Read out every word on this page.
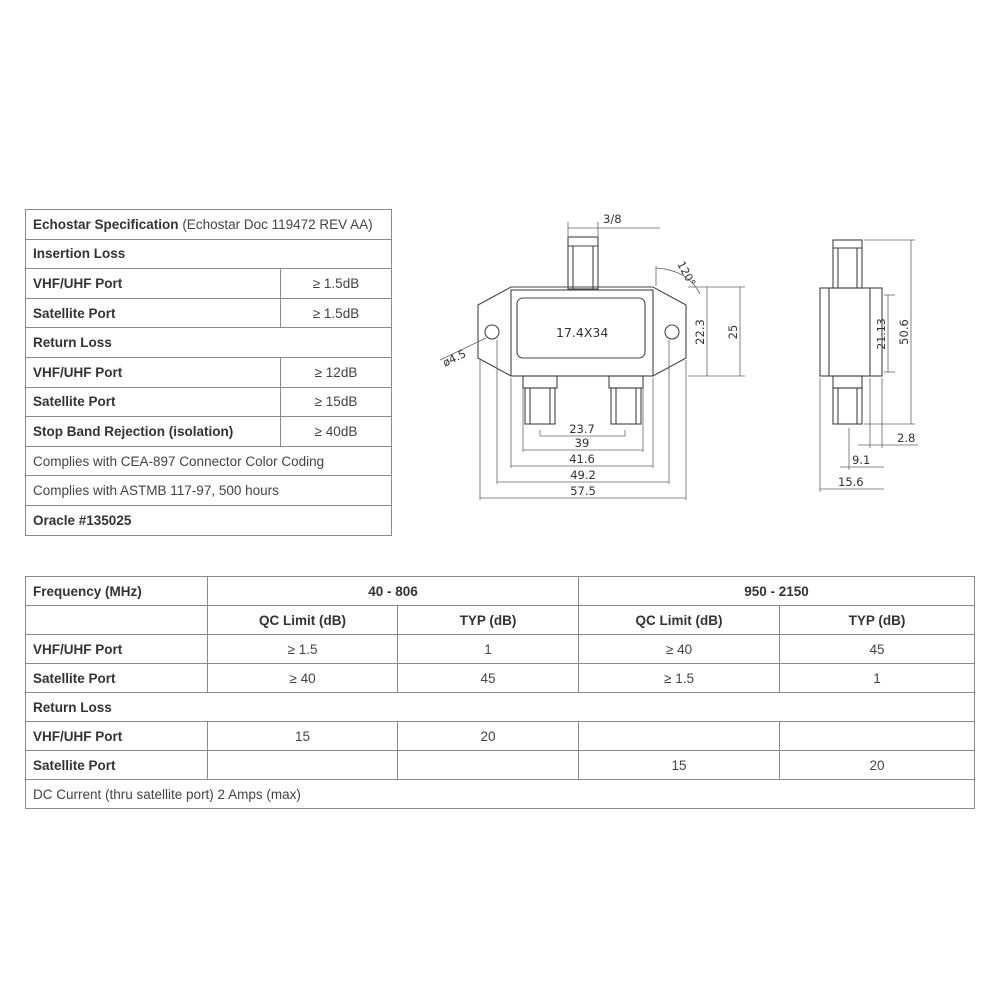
Echostar Specification (Echostar Doc 119472 REV AA)	
Insertion Loss	
VHF/UHF Port	≥ 1.5dB
Satellite Port	≥ 1.5dB
Return Loss	
VHF/UHF Port	≥ 12dB
Satellite Port	≥ 15dB
Stop Band Rejection (isolation)	≥ 40dB
Complies with CEA-897 Connector Color Coding	
Complies with ASTMB 117-97, 500 hours	
Oracle #135025	
3/8
17.4X34
120°
ø4.5
22.3 25
23.7
39
41.6
49.2
57.5
21.13 50.6
2.8
9.1
15.6
Frequency (MHz)	40 - 806		950 - 2150	
	QC Limit (dB)	TYP (dB)	QC Limit (dB)	TYP (dB)
VHF/UHF Port	≥ 1.5	1	≥ 40	45
Satellite Port	≥ 40	45	≥ 1.5	1
Return Loss				
VHF/UHF Port	15	20		
Satellite Port			15	20
DC Current (thru satellite port) 2 Amps (max)				
